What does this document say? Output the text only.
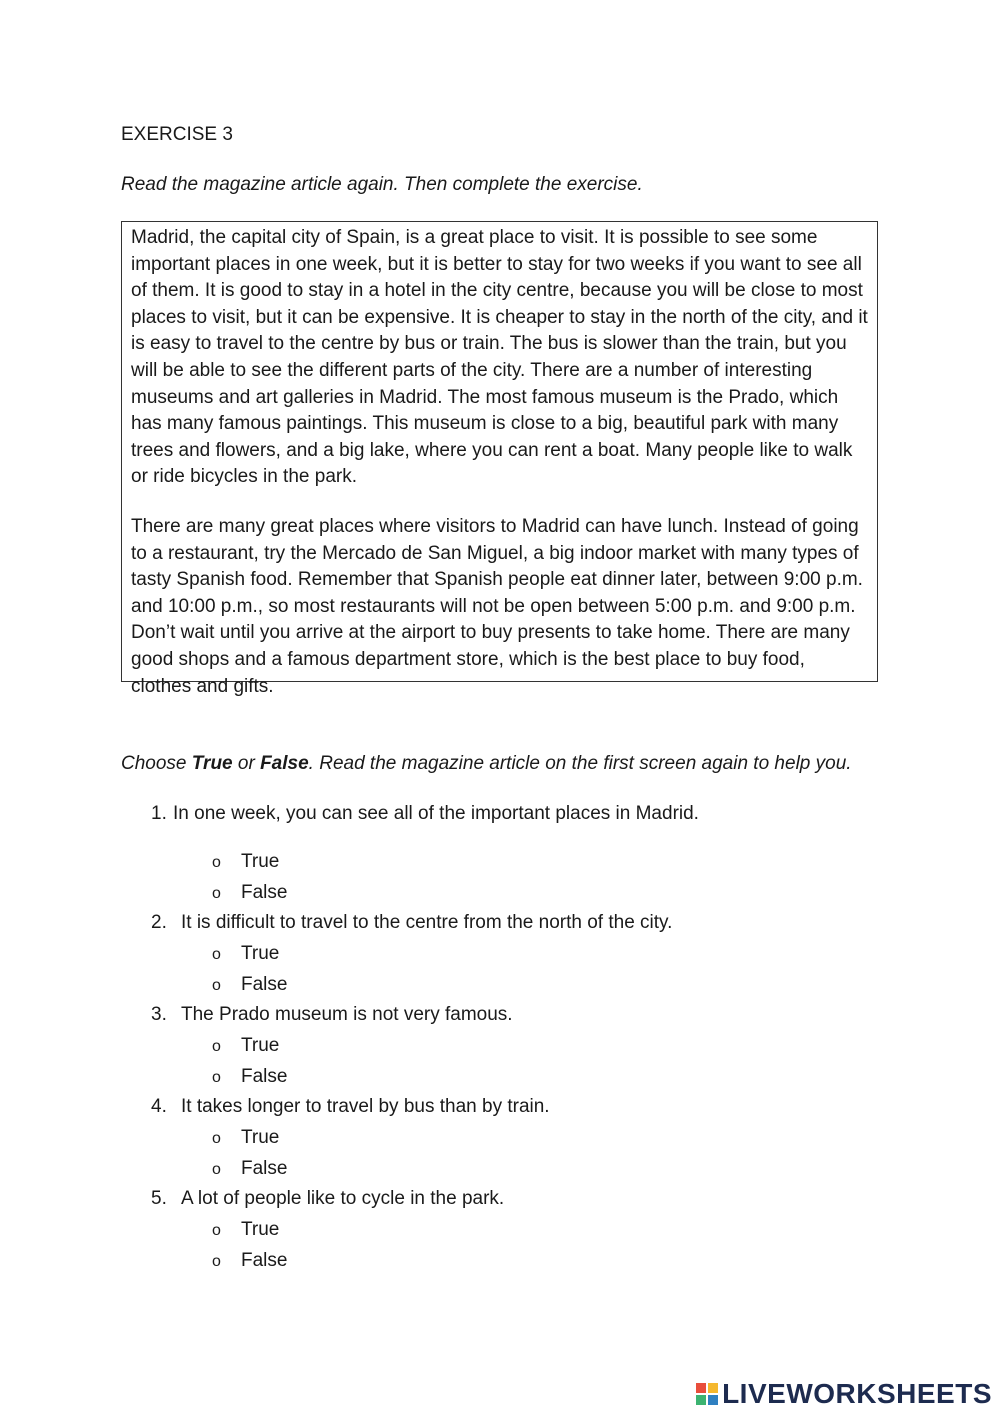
EXERCISE 3
Read the magazine article again. Then complete the exercise.

Madrid, the capital city of Spain, is a great place to visit. It is possible to see some important places in one week, but it is better to stay for two weeks if you want to see all of them. It is good to stay in a hotel in the city centre, because you will be close to most places to visit, but it can be expensive. It is cheaper to stay in the north of the city, and it is easy to travel to the centre by bus or train. The bus is slower than the train, but you will be able to see the different parts of the city. There are a number of interesting museums and art galleries in Madrid. The most famous museum is the Prado, which has many famous paintings. This museum is close to a big, beautiful park with many trees and flowers, and a big lake, where you can rent a boat. Many people like to walk or ride bicycles in the park.

There are many great places where visitors to Madrid can have lunch. Instead of going to a restaurant, try the Mercado de San Miguel, a big indoor market with many types of tasty Spanish food. Remember that Spanish people eat dinner later, between 9:00 p.m. and 10:00 p.m., so most restaurants will not be open between 5:00 p.m. and 9:00 p.m. Don’t wait until you arrive at the airport to buy presents to take home. There are many good shops and a famous department store, which is the best place to buy food, clothes and gifts.

Choose True or False. Read the magazine article on the first screen again to help you.
1. In one week, you can see all of the important places in Madrid.
o True
o False
2. It is difficult to travel to the centre from the north of the city.
o True
o False
3. The Prado museum is not very famous.
o True
o False
4. It takes longer to travel by bus than by train.
o True
o False
5. A lot of people like to cycle in the park.
o True
o False
LIVEWORKSHEETS
